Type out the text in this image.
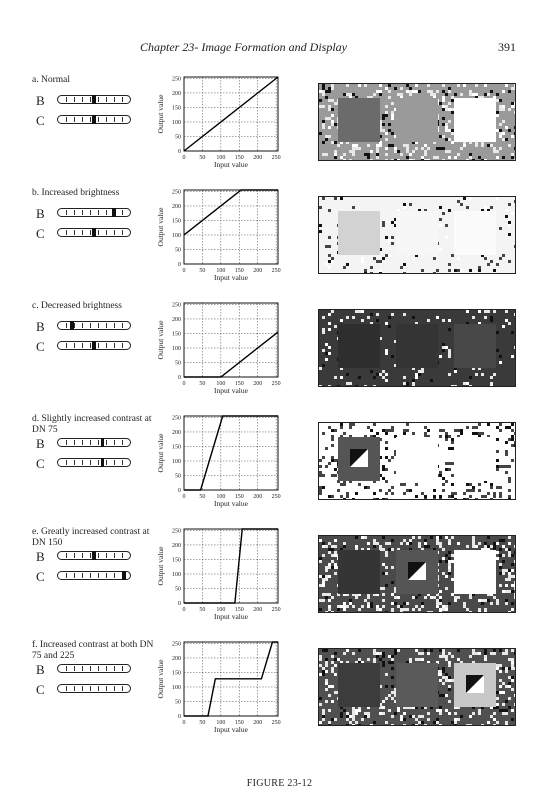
Chapter 23- Image Formation and Display	391
a. Normal
B
C
0
0
50
50
100
100
150
150
200
200
250
250
Input value
Output value
b. Increased brightness
B
C
0
0
50
50
100
100
150
150
200
200
250
250
Input value
Output value
c. Decreased brightness
B
C
0
0
50
50
100
100
150
150
200
200
250
250
Input value
Output value
d. Slightly increased contrast at DN 75
B
C
0
0
50
50
100
100
150
150
200
200
250
250
Input value
Output value
e. Greatly increased contrast at DN 150
B
C
0
0
50
50
100
100
150
150
200
200
250
250
Input value
Output value
f. Increased contrast at both DN 75 and 225
B
C
0
0
50
50
100
100
150
150
200
200
250
250
Input value
Output value
FIGURE 23-12
